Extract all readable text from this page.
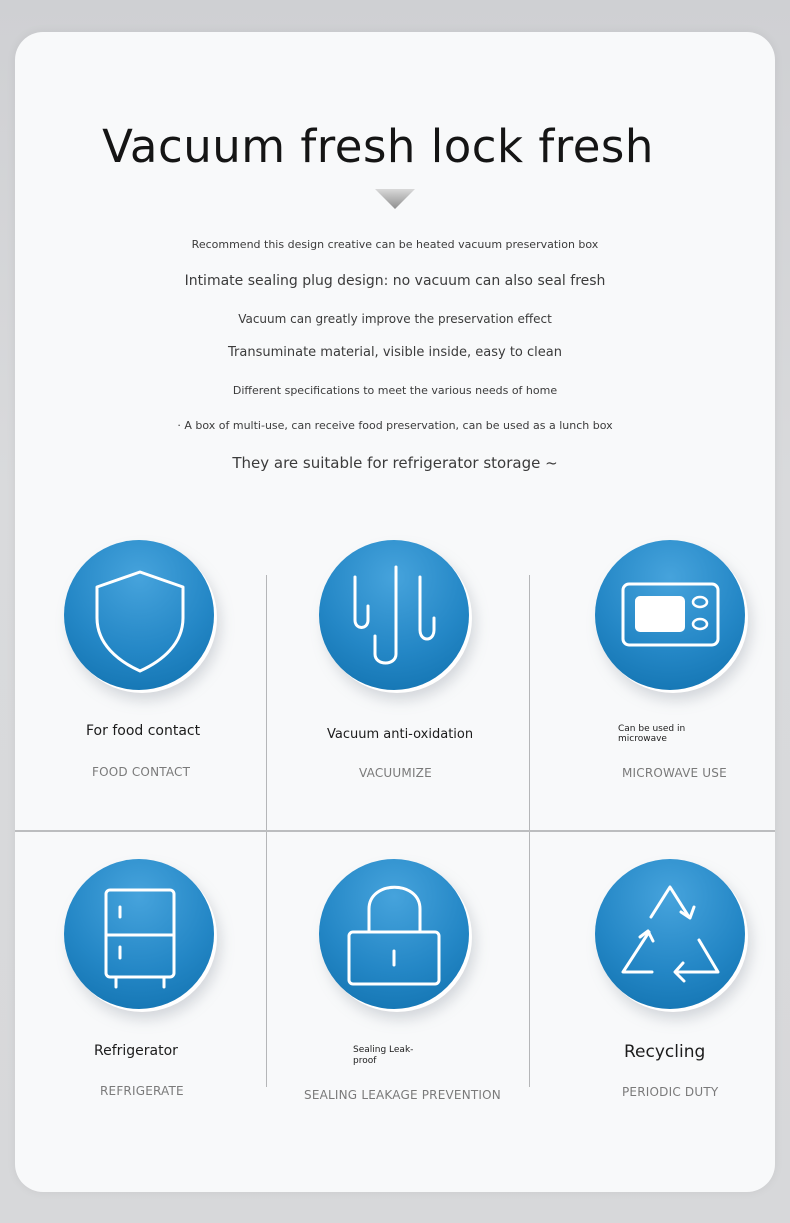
Vacuum fresh lock fresh
Recommend this design creative can be heated vacuum preservation box
Intimate sealing plug design: no vacuum can also seal fresh
Vacuum can greatly improve the preservation effect
Transuminate material, visible inside, easy to clean
Different specifications to meet the various needs of home
· A box of multi-use, can receive food preservation, can be used as a lunch box
They are suitable for refrigerator storage ~
For food contact
FOOD CONTACT
Vacuum anti-oxidation
VACUUMIZE
Can be used in
microwave
MICROWAVE USE
Refrigerator
REFRIGERATE
Sealing Leak-
proof
SEALING LEAKAGE PREVENTION
Recycling
PERIODIC DUTY
